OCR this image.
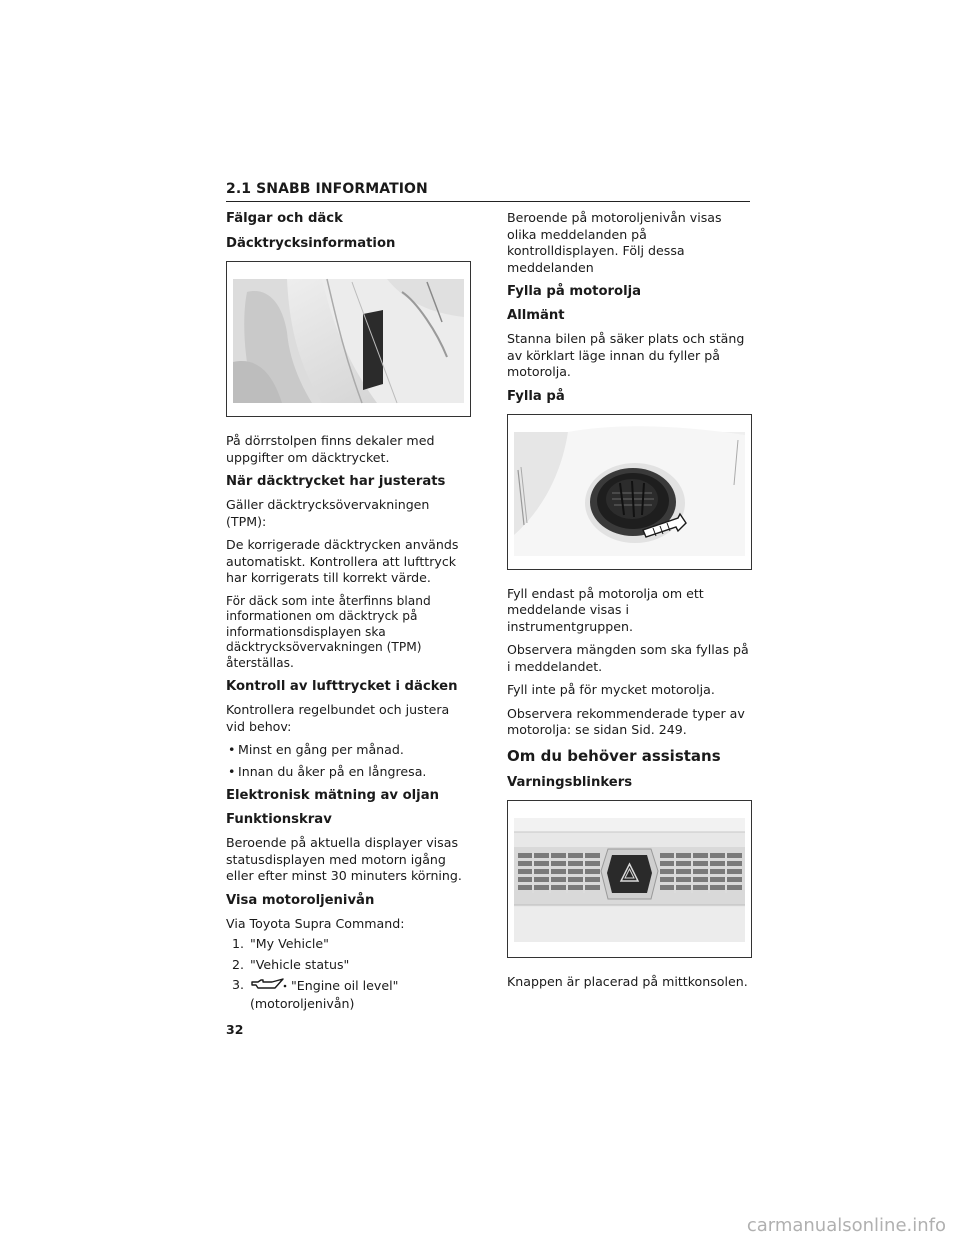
2.1 SNABB INFORMATION
Fälgar och däck
Däcktrycksinformation

På dörrstolpen finns dekaler med uppgifter om däcktrycket.

När däcktrycket har justerats

Gäller däcktrycksövervakningen (TPM):

De korrigerade däcktrycken används automatiskt. Kontrollera att lufttryck har korrigerats till korrekt värde.

För däck som inte återfinns bland informationen om däcktryck på informationsdisplayen ska däcktrycksövervakningen (TPM) återställas.

Kontroll av lufttrycket i däcken

Kontrollera regelbundet och justera vid behov:

• Minst en gång per månad.
• Innan du åker på en långresa.
Elektronisk mätning av oljan
Funktionskrav

Beroende på aktuella displayer visas statusdisplayen med motorn igång eller efter minst 30 minuters körning.

Visa motoroljenivån

Via Toyota Supra Command:

1. "My Vehicle"
2. "Vehicle status"
3.	"Engine oil level" (motoroljenivån)

Beroende på motoroljenivån visas olika meddelanden på kontrolldisplayen. Följ dessa meddelanden

Fylla på motorolja
Allmänt

Stanna bilen på säker plats och stäng av körklart läge innan du fyller på motorolja.

Fylla på

Fyll endast på motorolja om ett meddelande visas i instrumentgruppen.

Observera mängden som ska fyllas på i meddelandet.

Fyll inte på för mycket motorolja.

Observera rekommenderade typer av motorolja: se sidan Sid. 249.

Om du behöver assistans
Varningsblinkers

Knappen är placerad på mittkonsolen.

32
carmanualsonline.info
